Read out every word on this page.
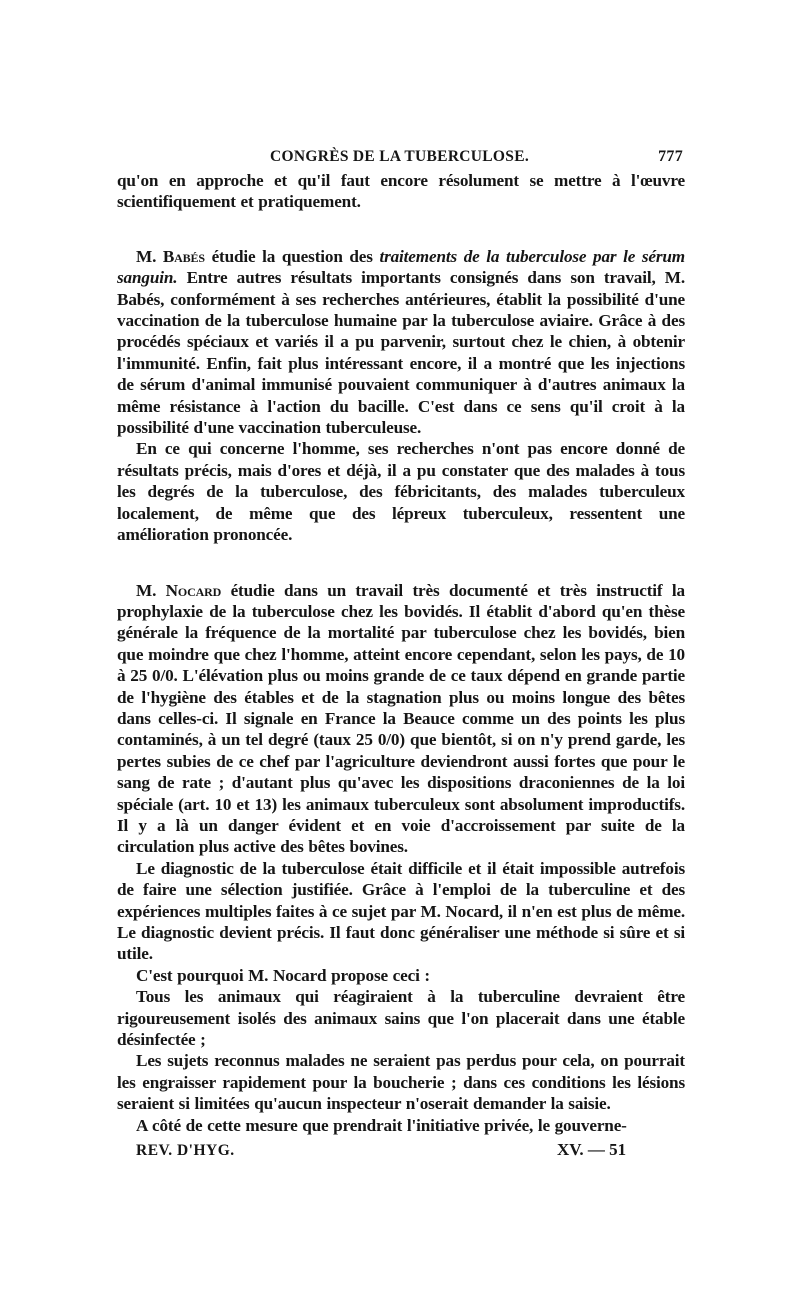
CONGRÈS DE LA TUBERCULOSE.	777

qu'on en approche et qu'il faut encore résolument se mettre à l'œuvre scientifiquement et pratiquement.

M. Babés étudie la question des traitements de la tuberculose par le sérum sanguin. Entre autres résultats importants consignés dans son travail, M. Babés, conformément à ses recherches antérieures, établit la possibilité d'une vaccination de la tuberculose humaine par la tuberculose aviaire. Grâce à des procédés spéciaux et variés il a pu parvenir, surtout chez le chien, à obtenir l'immunité. Enfin, fait plus intéressant encore, il a montré que les injections de sérum d'animal immunisé pouvaient communiquer à d'autres animaux la même résistance à l'action du bacille. C'est dans ce sens qu'il croit à la possibilité d'une vaccination tuberculeuse.

En ce qui concerne l'homme, ses recherches n'ont pas encore donné de résultats précis, mais d'ores et déjà, il a pu constater que des malades à tous les degrés de la tuberculose, des fébricitants, des malades tuberculeux localement, de même que des lépreux tuberculeux, ressentent une amélioration prononcée.

M. Nocard étudie dans un travail très documenté et très instructif la prophylaxie de la tuberculose chez les bovidés. Il établit d'abord qu'en thèse générale la fréquence de la mortalité par tuberculose chez les bovidés, bien que moindre que chez l'homme, atteint encore cependant, selon les pays, de 10 à 25 0/0. L'élévation plus ou moins grande de ce taux dépend en grande partie de l'hygiène des étables et de la stagnation plus ou moins longue des bêtes dans celles-ci. Il signale en France la Beauce comme un des points les plus contaminés, à un tel degré (taux 25 0/0) que bientôt, si on n'y prend garde, les pertes subies de ce chef par l'agriculture deviendront aussi fortes que pour le sang de rate ; d'autant plus qu'avec les dispositions draconiennes de la loi spéciale (art. 10 et 13) les animaux tuberculeux sont absolument improductifs. Il y a là un danger évident et en voie d'accroissement par suite de la circulation plus active des bêtes bovines.

Le diagnostic de la tuberculose était difficile et il était impossible autrefois de faire une sélection justifiée. Grâce à l'emploi de la tuberculine et des expériences multiples faites à ce sujet par M. Nocard, il n'en est plus de même. Le diagnostic devient précis. Il faut donc généraliser une méthode si sûre et si utile.

C'est pourquoi M. Nocard propose ceci :

Tous les animaux qui réagiraient à la tuberculine devraient être rigoureusement isolés des animaux sains que l'on placerait dans une étable désinfectée ;

Les sujets reconnus malades ne seraient pas perdus pour cela, on pourrait les engraisser rapidement pour la boucherie ; dans ces conditions les lésions seraient si limitées qu'aucun inspecteur n'oserait demander la saisie.

A côté de cette mesure que prendrait l'initiative privée, le gouverne-

REV. D'HYG.	XV. — 51
